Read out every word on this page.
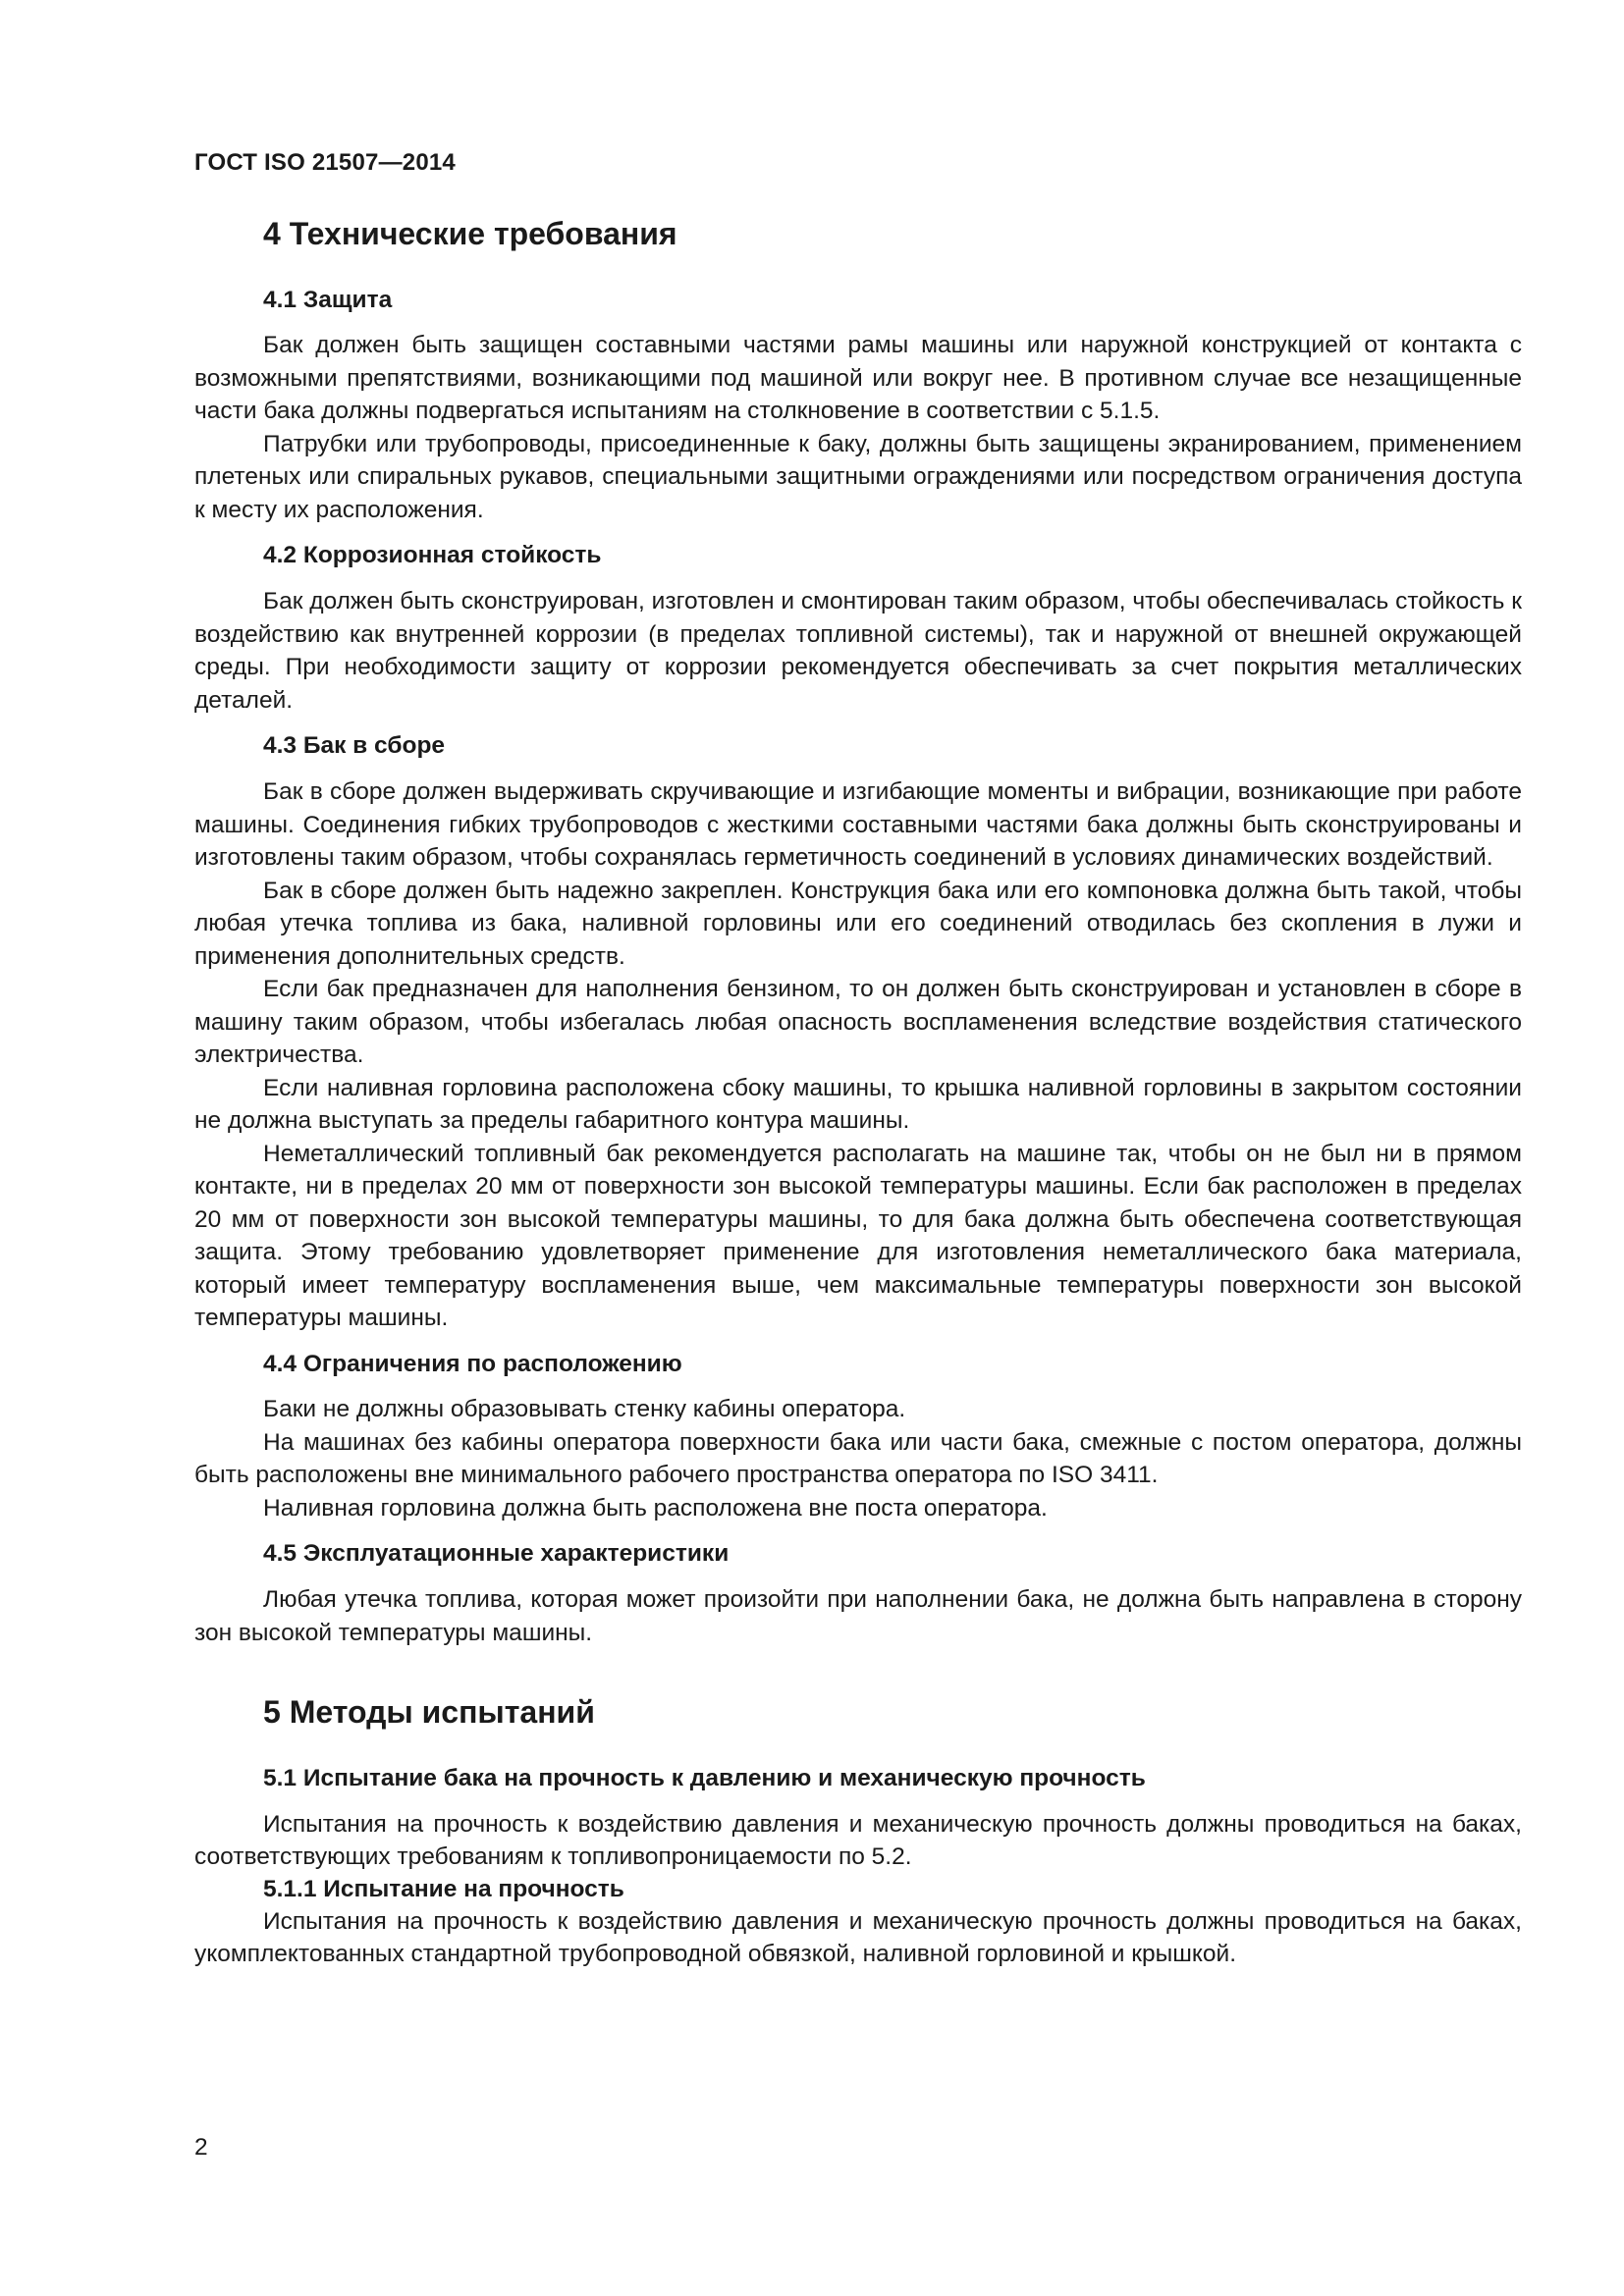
ГОСТ ISO 21507—2014
4 Технические требования
4.1 Защита

Бак должен быть защищен составными частями рамы машины или наружной конструкцией от контакта с возможными препятствиями, возникающими под машиной или вокруг нее. В противном случае все незащищенные части бака должны подвергаться испытаниям на столкновение в соответствии с 5.1.5.

Патрубки или трубопроводы, присоединенные к баку, должны быть защищены экранированием, применением плетеных или спиральных рукавов, специальными защитными ограждениями или посредством ограничения доступа к месту их расположения.

4.2 Коррозионная стойкость

Бак должен быть сконструирован, изготовлен и смонтирован таким образом, чтобы обеспечивалась стойкость к воздействию как внутренней коррозии (в пределах топливной системы), так и наружной от внешней окружающей среды. При необходимости защиту от коррозии рекомендуется обеспечивать за счет покрытия металлических деталей.

4.3 Бак в сборе

Бак в сборе должен выдерживать скручивающие и изгибающие моменты и вибрации, возникающие при работе машины. Соединения гибких трубопроводов с жесткими составными частями бака должны быть сконструированы и изготовлены таким образом, чтобы сохранялась герметичность соединений в условиях динамических воздействий.

Бак в сборе должен быть надежно закреплен. Конструкция бака или его компоновка должна быть такой, чтобы любая утечка топлива из бака, наливной горловины или его соединений отводилась без скопления в лужи и применения дополнительных средств.

Если бак предназначен для наполнения бензином, то он должен быть сконструирован и установлен в сборе в машину таким образом, чтобы избегалась любая опасность воспламенения вследствие воздействия статического электричества.

Если наливная горловина расположена сбоку машины, то крышка наливной горловины в закрытом состоянии не должна выступать за пределы габаритного контура машины.

Неметаллический топливный бак рекомендуется располагать на машине так, чтобы он не был ни в прямом контакте, ни в пределах 20 мм от поверхности зон высокой температуры машины. Если бак расположен в пределах 20 мм от поверхности зон высокой температуры машины, то для бака должна быть обеспечена соответствующая защита. Этому требованию удовлетворяет применение для изготовления неметаллического бака материала, который имеет температуру воспламенения выше, чем максимальные температуры поверхности зон высокой температуры машины.

4.4 Ограничения по расположению

Баки не должны образовывать стенку кабины оператора.

На машинах без кабины оператора поверхности бака или части бака, смежные с постом оператора, должны быть расположены вне минимального рабочего пространства оператора по ISO 3411.

Наливная горловина должна быть расположена вне поста оператора.

4.5 Эксплуатационные характеристики

Любая утечка топлива, которая может произойти при наполнении бака, не должна быть направлена в сторону зон высокой температуры машины.

5 Методы испытаний
5.1 Испытание бака на прочность к давлению и механическую прочность

Испытания на прочность к воздействию давления и механическую прочность должны проводиться на баках, соответствующих требованиям к топливопроницаемости по 5.2.

5.1.1 Испытание на прочность

Испытания на прочность к воздействию давления и механическую прочность должны проводиться на баках, укомплектованных стандартной трубопроводной обвязкой, наливной горловиной и крышкой.

2
